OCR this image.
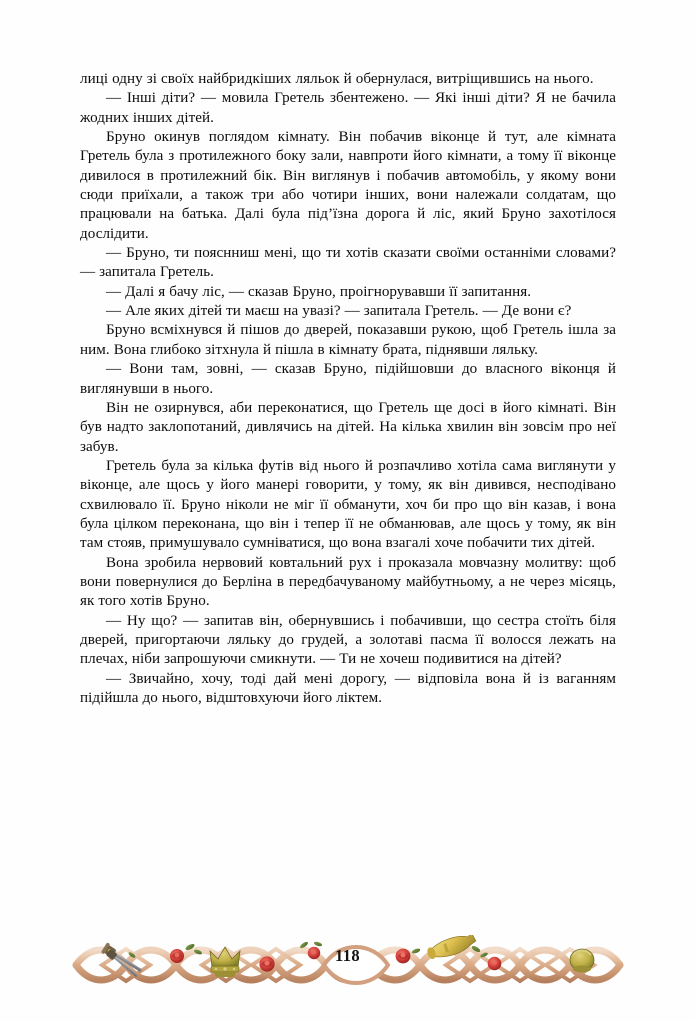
лиці одну зі своїх найбридкіших ляльок й обернулася, витріщившись на нього.

— Інші діти? — мовила Гретель збентежено. — Які інші діти? Я не бачила жодних інших дітей.

Бруно окинув поглядом кімнату. Він побачив віконце й тут, але кімната Гретель була з протилежного боку зали, навпроти його кімнати, а тому її віконце дивилося в протилежний бік. Він виглянув і побачив автомобіль, у якому вони сюди приїхали, а також три або чотири інших, вони належали солдатам, що працювали на батька. Далі була під’їзна дорога й ліс, який Бруно захотілося дослідити.

— Бруно, ти пояснниш мені, що ти хотів сказати своїми останніми словами? — запитала Гретель.

— Далі я бачу ліс, — сказав Бруно, проігнорувавши її запитання.

— Але яких дітей ти маєш на увазі? — запитала Гретель. — Де вони є?

Бруно всміхнувся й пішов до дверей, показавши рукою, щоб Гретель ішла за ним. Вона глибоко зітхнула й пішла в кімнату брата, піднявши ляльку.

— Вони там, зовні, — сказав Бруно, підійшовши до власного віконця й виглянувши в нього.

Він не озирнувся, аби переконатися, що Гретель ще досі в його кімнаті. Він був надто заклопотаний, дивлячись на дітей. На кілька хвилин він зовсім про неї забув.

Гретель була за кілька футів від нього й розпачливо хотіла сама виглянути у віконце, але щось у його манері говорити, у тому, як він дивився, несподівано схвилювало її. Бруно ніколи не міг її обманути, хоч би про що він казав, і вона була цілком переконана, що він і тепер її не обманював, але щось у тому, як він там стояв, примушувало сумніватися, що вона взагалі хоче побачити тих дітей.

Вона зробила нервовий ковтальний рух і проказала мовчазну молитву: щоб вони повернулися до Берліна в передбачуваному майбутньому, а не через місяць, як того хотів Бруно.

— Ну що? — запитав він, обернувшись і побачивши, що сестра стоїть біля дверей, пригортаючи ляльку до грудей, а золотаві пасма її волосся лежать на плечах, ніби запрошуючи смикнути. — Ти не хочеш подивитися на дітей?

— Звичайно, хочу, тоді дай мені дорогу, — відповіла вона й із ваганням підійшла до нього, відштовхуючи його ліктем.

118
